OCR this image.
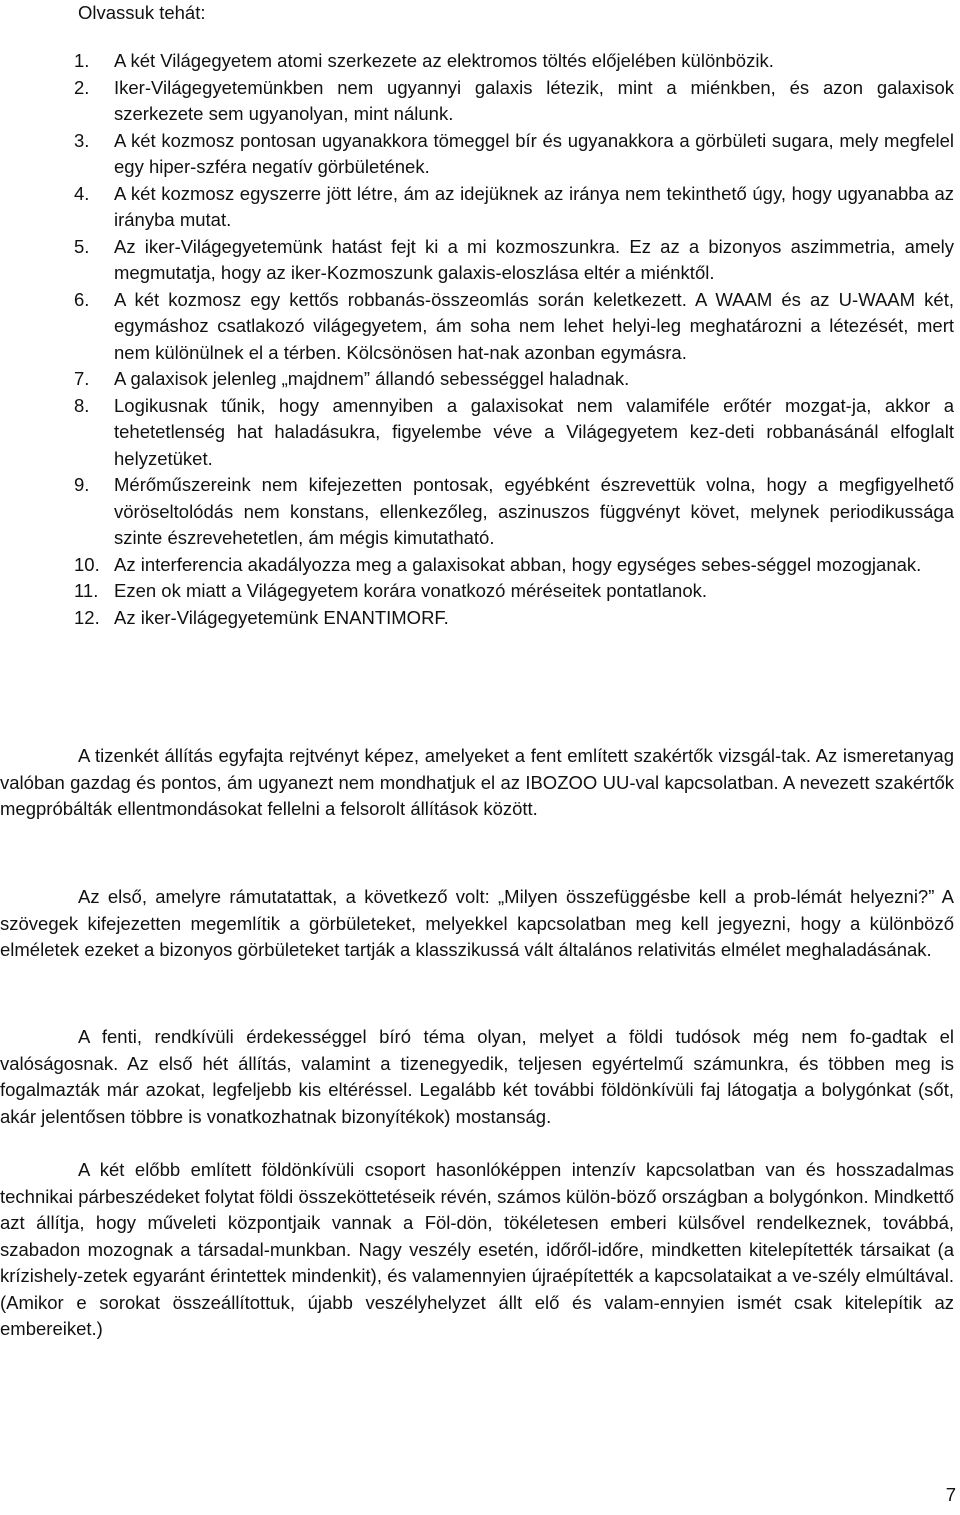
Olvassuk tehát:

1. A két Világegyetem atomi szerkezete az elektromos töltés előjelében különbözik.
2. Iker-Világegyetemünkben nem ugyannyi galaxis létezik, mint a miénkben, és azon galaxisok szerkezete sem ugyanolyan, mint nálunk.
3. A két kozmosz pontosan ugyanakkora tömeggel bír és ugyanakkora a görbületi sugara, mely megfelel egy hiper-szféra negatív görbületének.
4. A két kozmosz egyszerre jött létre, ám az idejüknek az iránya nem tekinthető úgy, hogy ugyanabba az irányba mutat.
5. Az iker-Világegyetemünk hatást fejt ki a mi kozmoszunkra. Ez az a bizonyos aszimmetria, amely megmutatja, hogy az iker-Kozmoszunk galaxis-eloszlása eltér a miénktől.
6. A két kozmosz egy kettős robbanás-összeomlás során keletkezett. A WAAM és az U-WAAM két, egymáshoz csatlakozó világegyetem, ám soha nem lehet helyi-leg meghatározni a létezését, mert nem különülnek el a térben. Kölcsönösen hat-nak azonban egymásra.
7. A galaxisok jelenleg „majdnem” állandó sebességgel haladnak.
8. Logikusnak tűnik, hogy amennyiben a galaxisokat nem valamiféle erőtér mozgat-ja, akkor a tehetetlenség hat haladásukra, figyelembe véve a Világegyetem kez-deti robbanásánál elfoglalt helyzetüket.
9. Mérőműszereink nem kifejezetten pontosak, egyébként észrevettük volna, hogy a megfigyelhető vöröseltolódás nem konstans, ellenkezőleg, aszinuszos függvényt követ, melynek periodikussága szinte észrevehetetlen, ám mégis kimutatható.
10. Az interferencia akadályozza meg a galaxisokat abban, hogy egységes sebes-séggel mozogjanak.
11. Ezen ok miatt a Világegyetem korára vonatkozó méréseitek pontatlanok.
12. Az iker-Világegyetemünk ENANTIMORF.

A tizenkét állítás egyfajta rejtvényt képez, amelyeket a fent említett szakértők vizsgál-tak. Az ismeretanyag valóban gazdag és pontos, ám ugyanezt nem mondhatjuk el az IBOZOO UU-val kapcsolatban. A nevezett szakértők megpróbálták ellentmondásokat fellelni a felsorolt állítások között.

Az első, amelyre rámutatattak, a következő volt: „Milyen összefüggésbe kell a prob-lémát helyezni?” A szövegek kifejezetten megemlítik a görbületeket, melyekkel kapcsolatban meg kell jegyezni, hogy a különböző elméletek ezeket a bizonyos görbületeket tartják a klasszikussá vált általános relativitás elmélet meghaladásának.

A fenti, rendkívüli érdekességgel bíró téma olyan, melyet a földi tudósok még nem fo-gadtak el valóságosnak. Az első hét állítás, valamint a tizenegyedik, teljesen egyértelmű számunkra, és többen meg is fogalmazták már azokat, legfeljebb kis eltéréssel. Legalább két további földönkívüli faj látogatja a bolygónkat (sőt, akár jelentősen többre is vonatkozhatnak bizonyítékok) mostanság.

A két előbb említett földönkívüli csoport hasonlóképpen intenzív kapcsolatban van és hosszadalmas technikai párbeszédeket folytat földi összeköttetéseik révén, számos külön-böző országban a bolygónkon. Mindkettő azt állítja, hogy műveleti központjaik vannak a Föl-dön, tökéletesen emberi külsővel rendelkeznek, továbbá, szabadon mozognak a társadal-munkban. Nagy veszély esetén, időről-időre, mindketten kitelepítették társaikat (a krízishely-zetek egyaránt érintettek mindenkit), és valamennyien újraépítették a kapcsolataikat a ve-szély elmúltával. (Amikor e sorokat összeállítottuk, újabb veszélyhelyzet állt elő és valam-ennyien ismét csak kitelepítik az embereiket.)

7
